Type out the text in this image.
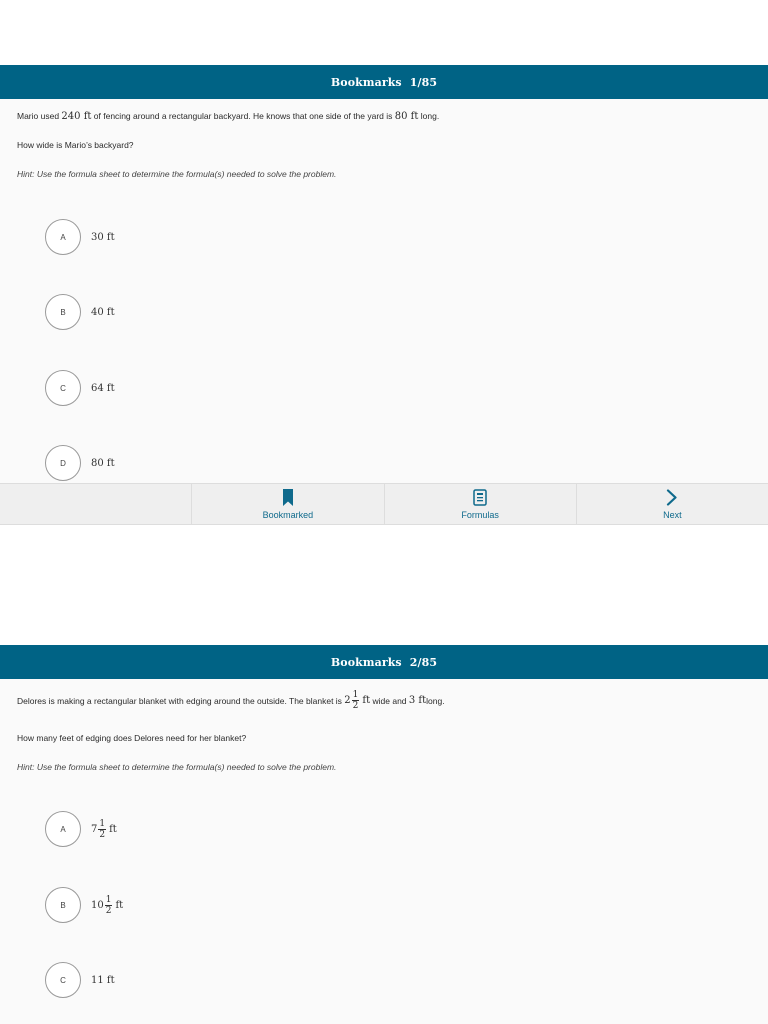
Bookmarks 1/85
Mario used 240 ft of fencing around a rectangular backyard. He knows that one side of the yard is 80 ft long.
How wide is Mario’s backyard?
Hint: Use the formula sheet to determine the formula(s) needed to solve the problem.
A	30 ft
B	40 ft
C	64 ft
D	80 ft
Bookmarked	Formulas	Next
Bookmarks 2/85
Delores is making a rectangular blanket with edging around the outside. The blanket is $2 \frac{1}{2}$ ft wide and 3 ft long.
How many feet of edging does Delores need for her blanket?
Hint: Use the formula sheet to determine the formula(s) needed to solve the problem.
A	$7 \frac{1}{2}$ ft
B	$10 \frac{1}{2}$ ft
C	11 ft
